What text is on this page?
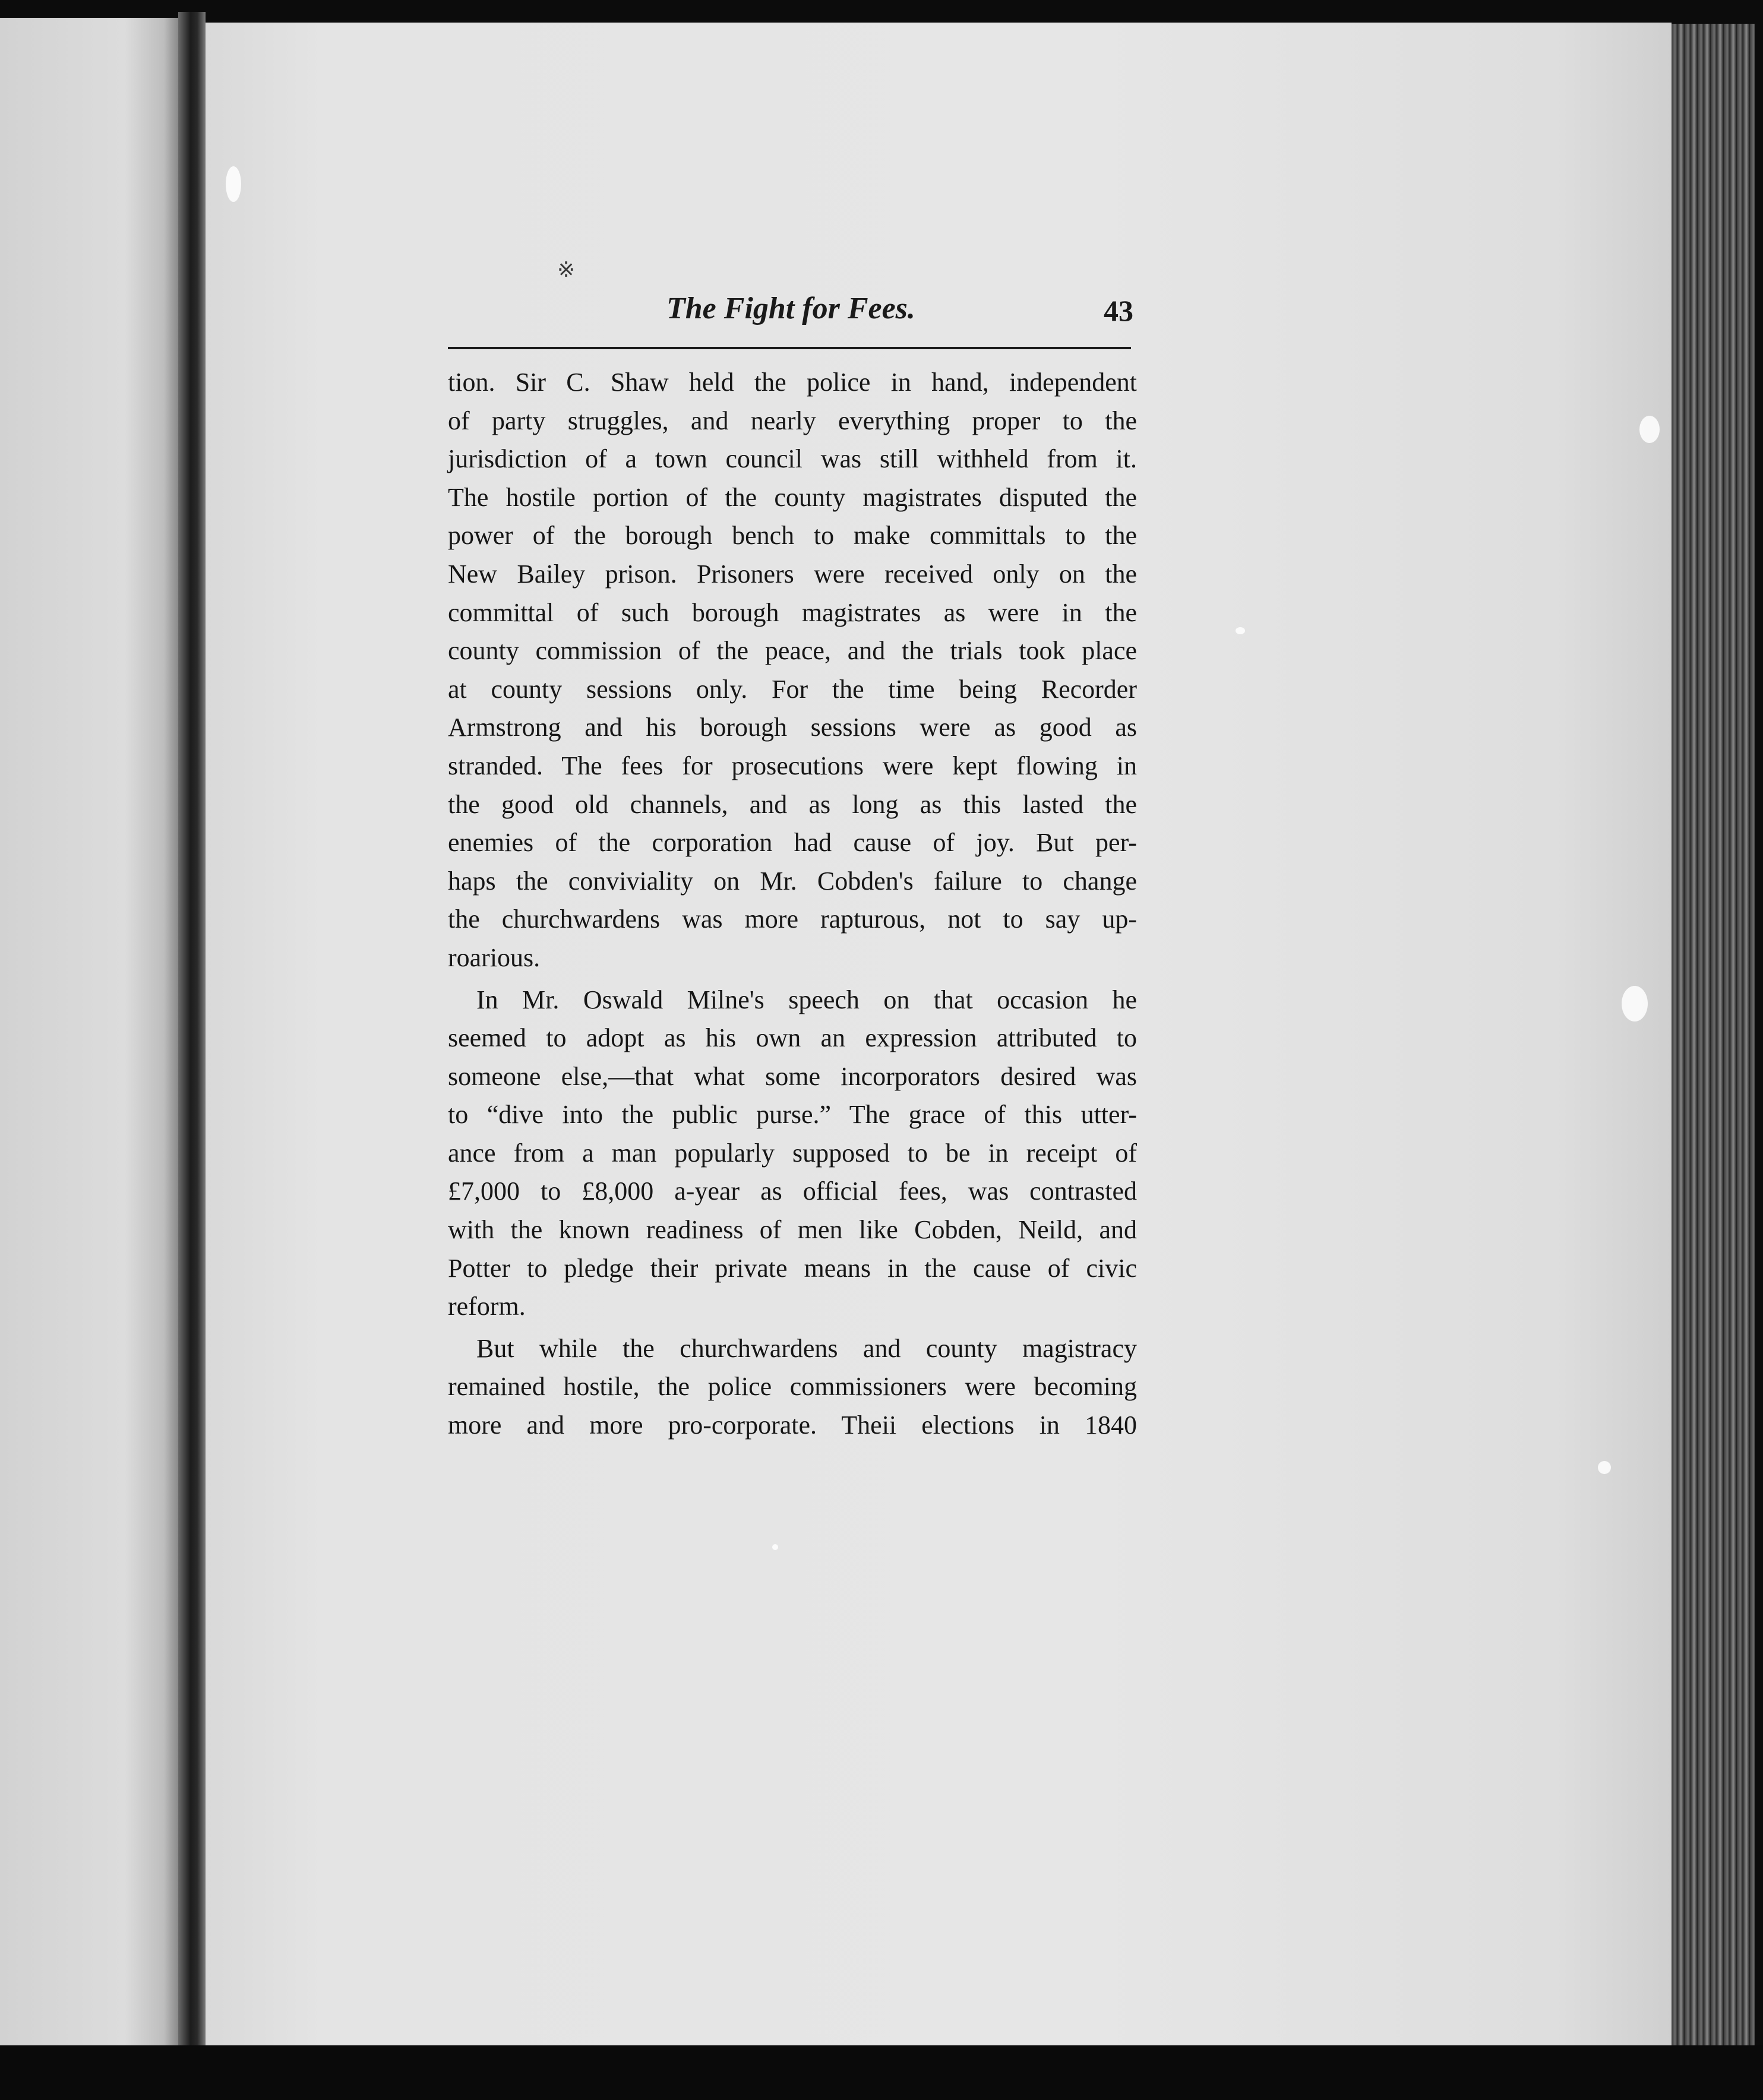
※
The Fight for Fees.	43
tion. Sir C. Shaw held the police in hand, independent
of party struggles, and nearly everything proper to the
jurisdiction of a town council was still withheld from it.
The hostile portion of the county magistrates disputed the
power of the borough bench to make committals to the
New Bailey prison. Prisoners were received only on the
committal of such borough magistrates as were in the
county commission of the peace, and the trials took place
at county sessions only. For the time being Recorder
Armstrong and his borough sessions were as good as
stranded. The fees for prosecutions were kept flowing in
the good old channels, and as long as this lasted the
enemies of the corporation had cause of joy. But per-
haps the conviviality on Mr. Cobden's failure to change
the churchwardens was more rapturous, not to say up-
roarious.
In Mr. Oswald Milne's speech on that occasion he
seemed to adopt as his own an expression attributed to
someone else,—that what some incorporators desired was
to “dive into the public purse.” The grace of this utter-
ance from a man popularly supposed to be in receipt of
£7,000 to £8,000 a-year as official fees, was contrasted
with the known readiness of men like Cobden, Neild, and
Potter to pledge their private means in the cause of civic
reform.
But while the churchwardens and county magistracy
remained hostile, the police commissioners were becoming
more and more pro-corporate. Theii elections in 1840
